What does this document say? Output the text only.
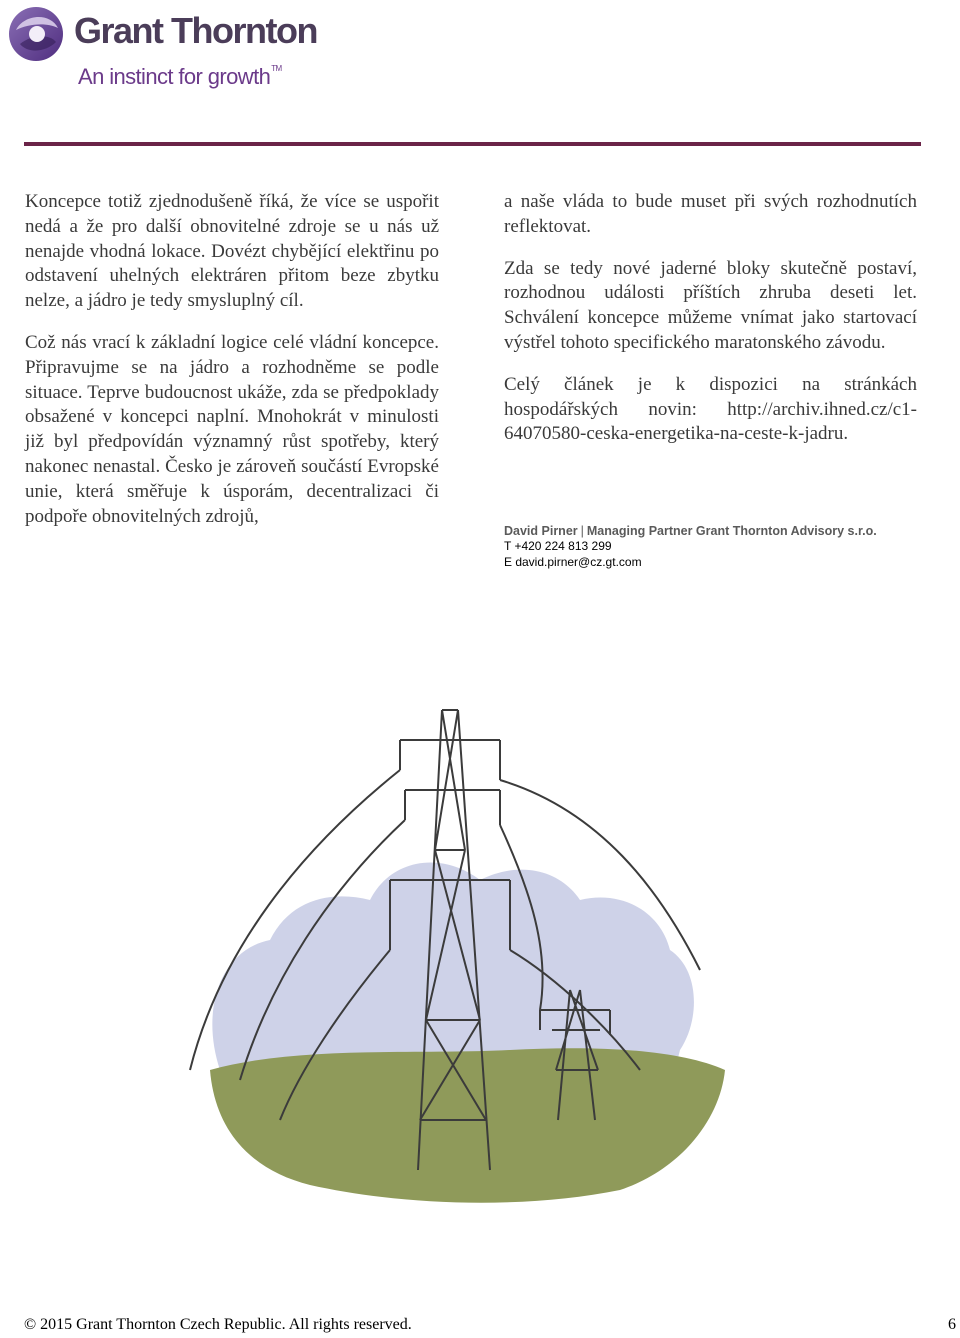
Grant Thornton
An instinct for growth™

Koncepce totiž zjednodušeně říká, že více se uspořit nedá a že pro další obnovitelné zdroje se u nás už nenajde vhodná lokace. Dovézt chybějící elektřinu po odstavení uhelných elektráren přitom beze zbytku nelze, a jádro je tedy smysluplný cíl.

Což nás vrací k základní logice celé vládní koncepce. Připravujme se na jádro a rozhodněme se podle situace. Teprve budoucnost ukáže, zda se předpoklady obsažené v koncepci naplní. Mnohokrát v minulosti již byl předpovídán významný růst spotřeby, který nakonec nenastal. Česko je zároveň součástí Evropské unie, která směřuje k úsporám, decentralizaci či podpoře obnovitelných zdrojů,

a naše vláda to bude muset při svých rozhodnutích reflektovat.

Zda se tedy nové jaderné bloky skutečně postaví, rozhodnou události příštích zhruba deseti let. Schválení koncepce můžeme vnímat jako startovací výstřel tohoto specifického maratonského závodu.

Celý článek je k dispozici na stránkách hospodářských novin: http://archiv.ihned.cz/c1-64070580-ceska-energetika-na-ceste-k-jadru.

David Pirner | Managing Partner Grant Thornton Advisory s.r.o.
T +420 224 813 299
E david.pirner@cz.gt.com
© 2015 Grant Thornton Czech Republic. All rights reserved.	6
